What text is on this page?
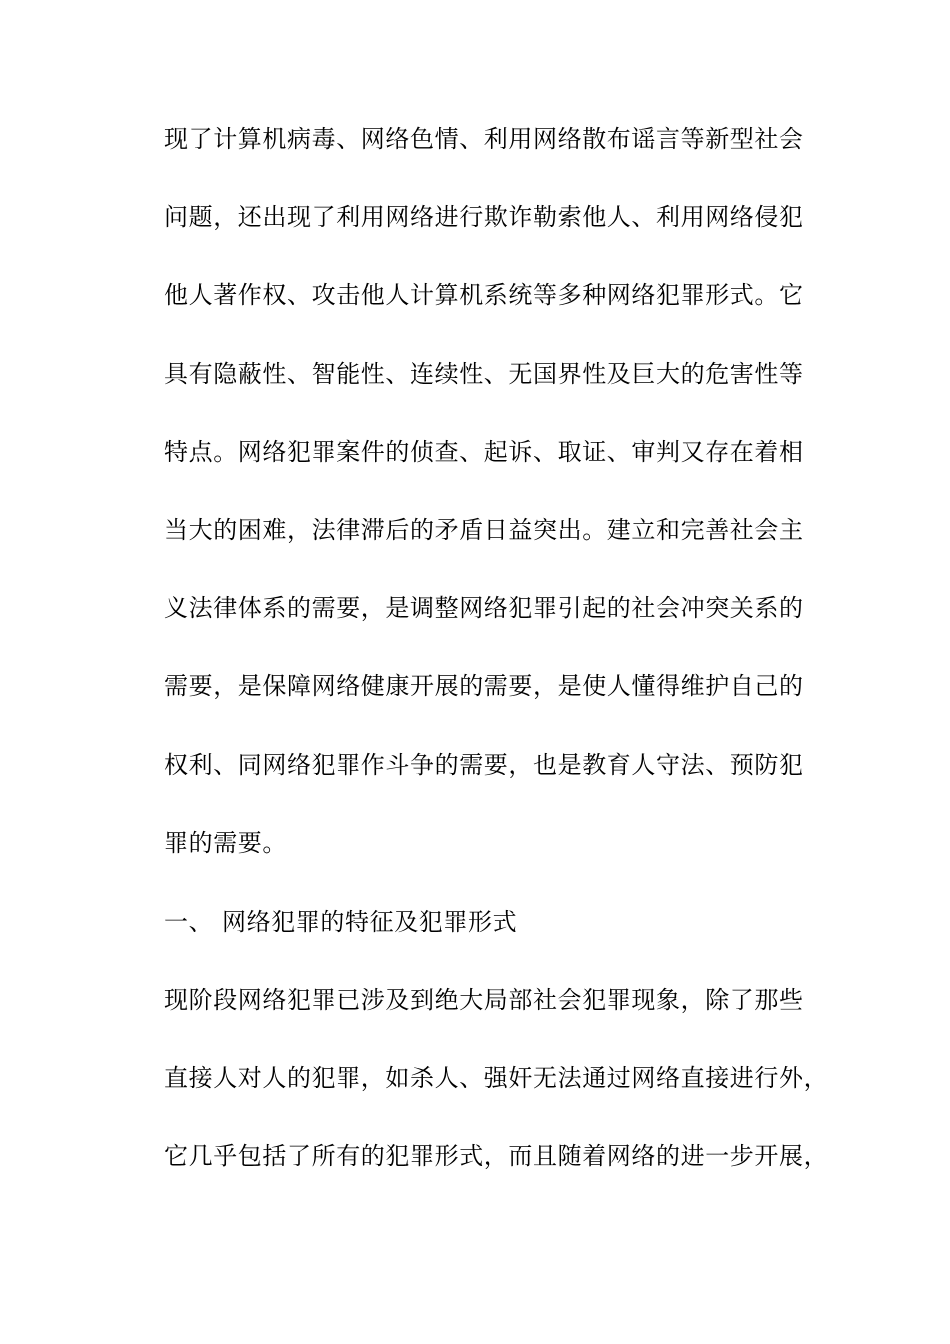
现了计算机病毒、网络色情、利用网络散布谣言等新型社会
问题，还出现了利用网络进行欺诈勒索他人、利用网络侵犯
他人著作权、攻击他人计算机系统等多种网络犯罪形式。它
具有隐蔽性、智能性、连续性、无国界性及巨大的危害性等
特点。网络犯罪案件的侦查、起诉、取证、审判又存在着相
当大的困难，法律滞后的矛盾日益突出。建立和完善社会主
义法律体系的需要，是调整网络犯罪引起的社会冲突关系的
需要，是保障网络健康开展的需要，是使人懂得维护自己的
权利、同网络犯罪作斗争的需要，也是教育人守法、预防犯
罪的需要。
一、 网络犯罪的特征及犯罪形式
现阶段网络犯罪已涉及到绝大局部社会犯罪现象，除了那些
直接人对人的犯罪，如杀人、强奸无法通过网络直接进行外，
它几乎包括了所有的犯罪形式，而且随着网络的进一步开展，
